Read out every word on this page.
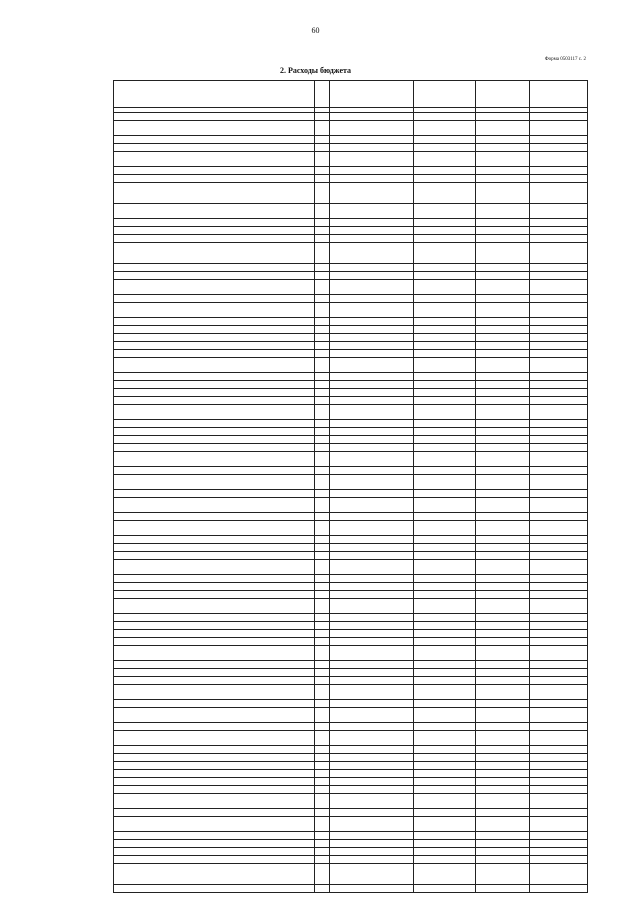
60
Форма 0503117 с. 2
2. Расходы бюджета
